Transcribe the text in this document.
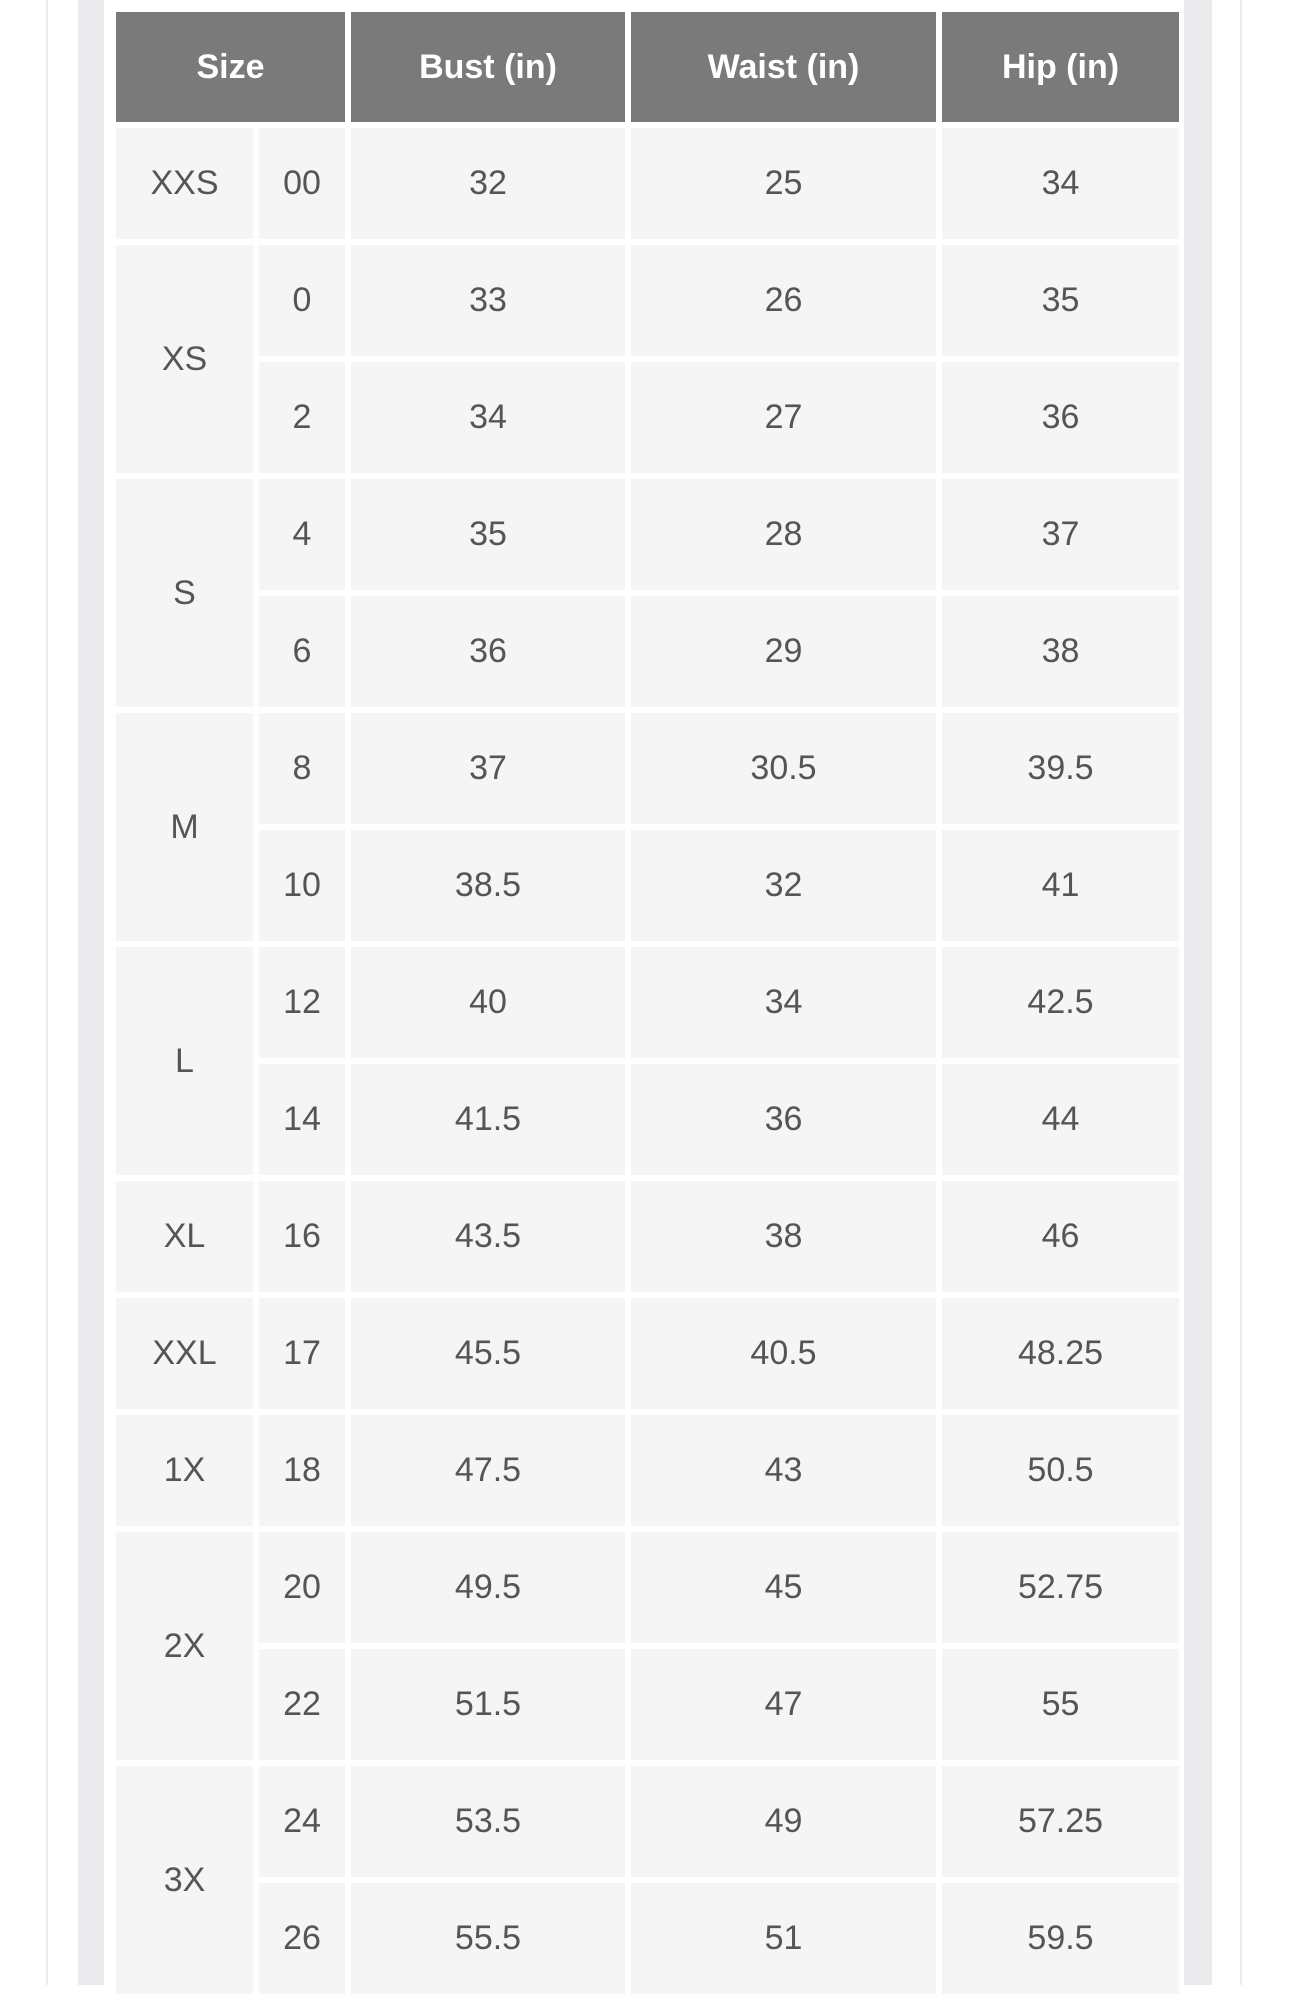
Size		Bust (in)	Waist (in)	Hip (in)
XXS	00	32	25	34
XS	0	33	26	35
	2	34	27	36
S	4	35	28	37
	6	36	29	38
M	8	37	30.5	39.5
	10	38.5	32	41
L	12	40	34	42.5
	14	41.5	36	44
XL	16	43.5	38	46
XXL	17	45.5	40.5	48.25
1X	18	47.5	43	50.5
2X	20	49.5	45	52.75
	22	51.5	47	55
3X	24	53.5	49	57.25
	26	55.5	51	59.5
